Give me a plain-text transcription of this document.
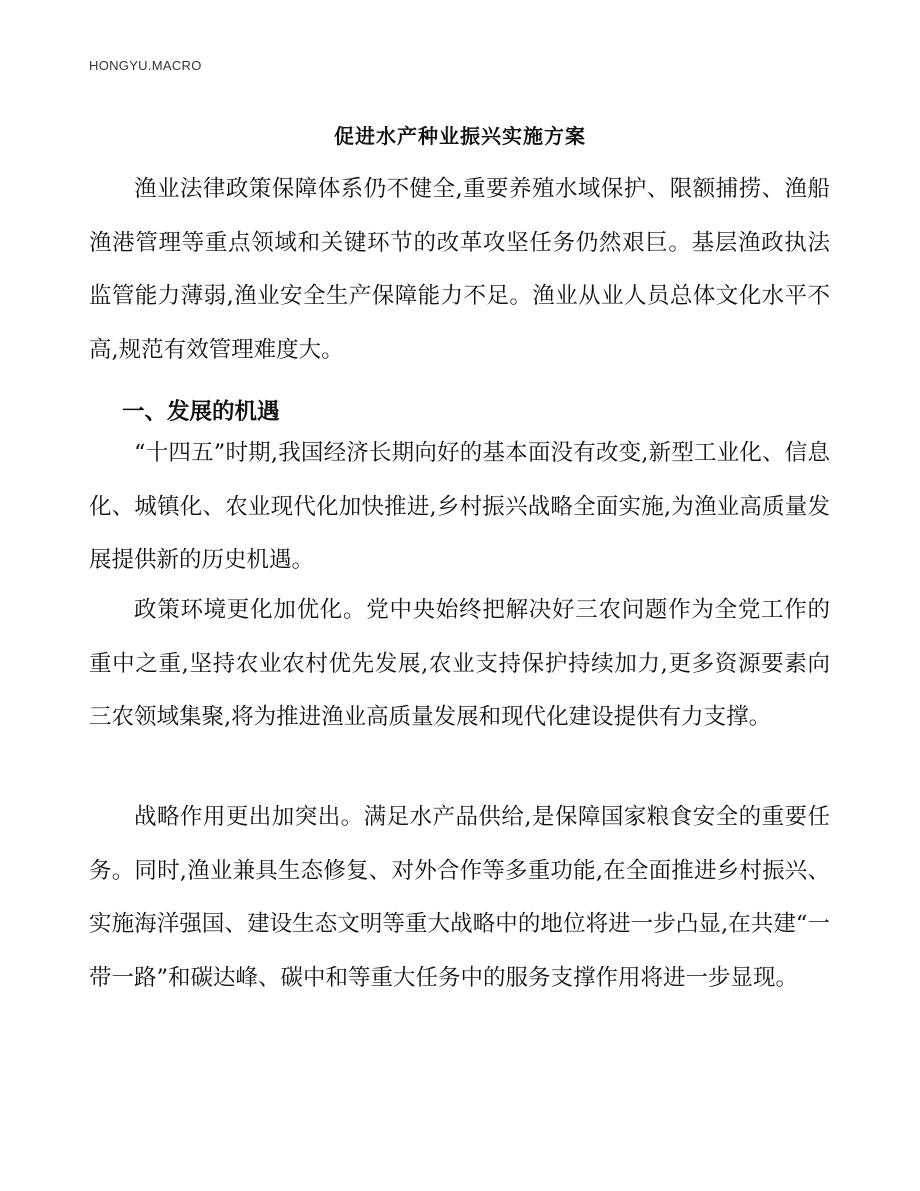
HONGYU.MACRO
促进水产种业振兴实施方案

渔业法律政策保障体系仍不健全,重要养殖水域保护、限额捕捞、渔船渔港管理等重点领域和关键环节的改革攻坚任务仍然艰巨。基层渔政执法监管能力薄弱,渔业安全生产保障能力不足。渔业从业人员总体文化水平不高,规范有效管理难度大。

一、发展的机遇

“十四五”时期,我国经济长期向好的基本面没有改变,新型工业化、信息化、城镇化、农业现代化加快推进,乡村振兴战略全面实施,为渔业高质量发展提供新的历史机遇。

政策环境更化加优化。党中央始终把解决好三农问题作为全党工作的重中之重,坚持农业农村优先发展,农业支持保护持续加力,更多资源要素向三农领域集聚,将为推进渔业高质量发展和现代化建设提供有力支撑。

战略作用更出加突出。满足水产品供给,是保障国家粮食安全的重要任务。同时,渔业兼具生态修复、对外合作等多重功能,在全面推进乡村振兴、实施海洋强国、建设生态文明等重大战略中的地位将进一步凸显,在共建“一带一路”和碳达峰、碳中和等重大任务中的服务支撑作用将进一步显现。
